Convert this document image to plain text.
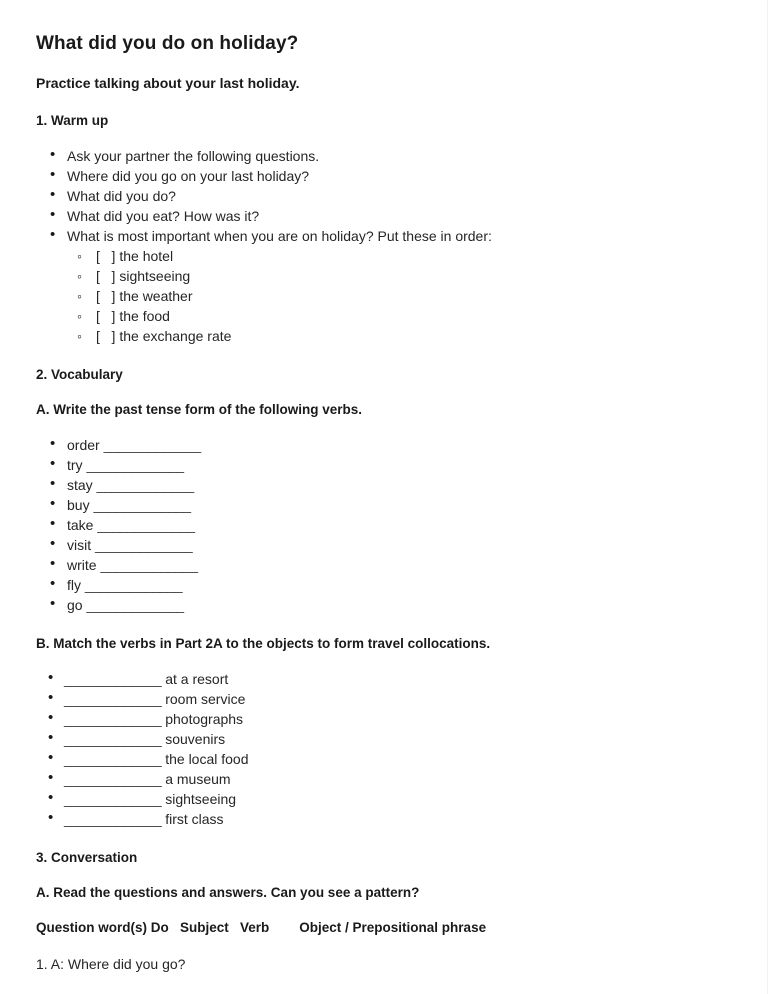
What did you do on holiday?

Practice talking about your last holiday.

1. Warm up
• Ask your partner the following questions.
• Where did you go on your last holiday?
• What did you do?
• What did you eat? How was it?
• What is most important when you are on holiday? Put these in order:
◦ [   ] the hotel
◦ [   ] sightseeing
◦ [   ] the weather
◦ [   ] the food
◦ [   ] the exchange rate
2. Vocabulary
A. Write the past tense form of the following verbs.
• order _____________
• try _____________
• stay _____________
• buy _____________
• take _____________
• visit _____________
• write _____________
• fly _____________
• go _____________
B. Match the verbs in Part 2A to the objects to form travel collocations.
• _____________ at a resort
• _____________ room service
• _____________ photographs
• _____________ souvenirs
• _____________ the local food
• _____________ a museum
• _____________ sightseeing
• _____________ first class
3. Conversation
A. Read the questions and answers. Can you see a pattern?
Question word(s) Do   Subject   Verb        Object / Prepositional phrase

1. A: Where did you go?
